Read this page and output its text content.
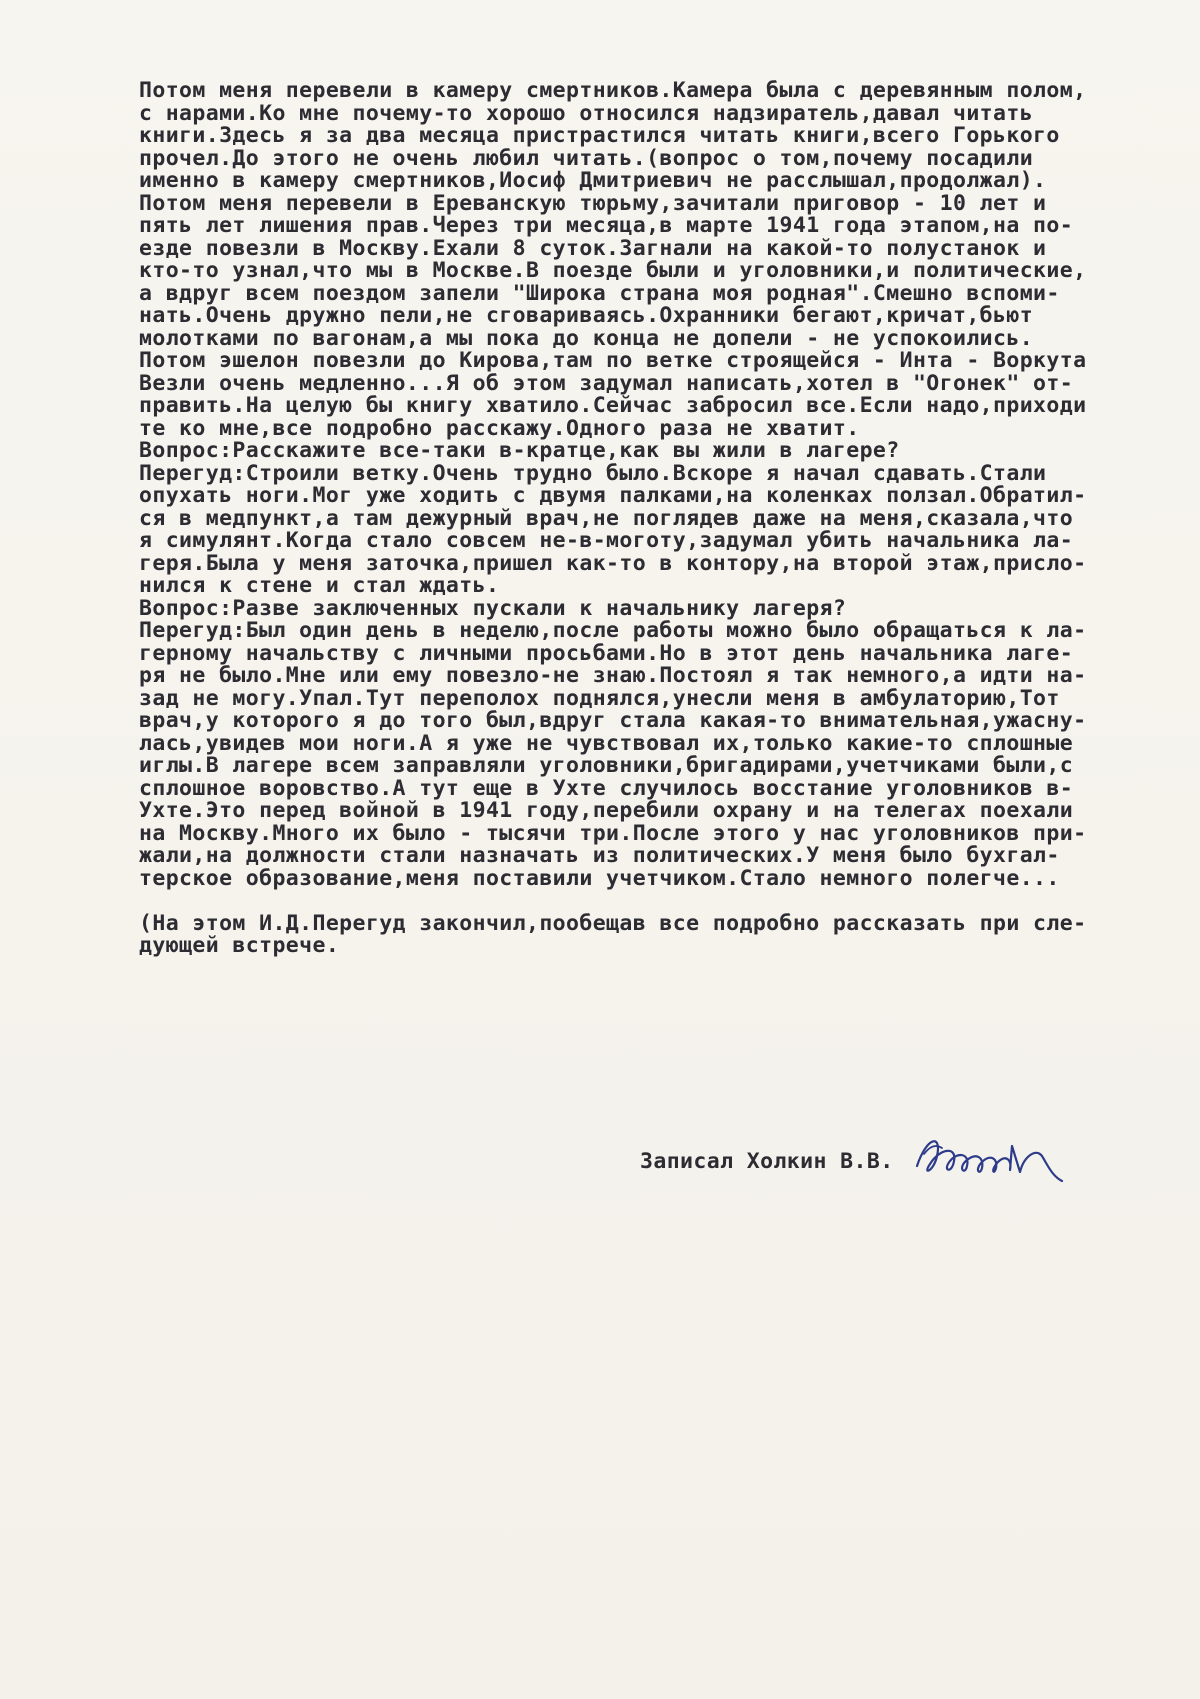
Потом меня перевели в камеру смертников.Камера была с деревянным полом,
с нарами.Ко мне почему-то хорошо относился надзиратель,давал читать
книги.Здесь я за два месяца пристрастился читать книги,всего Горького
прочел.До этого не очень любил читать.(вопрос о том,почему посадили
именно в камеру смертников,Иосиф Дмитриевич не расслышал,продолжал).
Потом меня перевели в Ереванскую тюрьму,зачитали приговор - 10 лет и
пять лет лишения прав.Через три месяца,в марте 1941 года этапом,на по-
езде повезли в Москву.Ехали 8 суток.Загнали на какой-то полустанок и
кто-то узнал,что мы в Москве.В поезде были и уголовники,и политические,
а вдруг всем поездом запели "Широка страна моя родная".Смешно вспоми-
нать.Очень дружно пели,не сговариваясь.Охранники бегают,кричат,бьют
молотками по вагонам,а мы пока до конца не допели - не успокоились.
Потом эшелон повезли до Кирова,там по ветке строящейся - Инта - Воркута
Везли очень медленно...Я об этом задумал написать,хотел в "Огонек" от-
править.На целую бы книгу хватило.Сейчас забросил все.Если надо,приходи
те ко мне,все подробно расскажу.Одного раза не хватит.
Вопрос:Расскажите все-таки в-кратце,как вы жили в лагере?
Перегуд:Строили ветку.Очень трудно было.Вскоре я начал сдавать.Стали
опухать ноги.Мог уже ходить с двумя палками,на коленках ползал.Обратил-
ся в медпункт,а там дежурный врач,не поглядев даже на меня,сказала,что
я симулянт.Когда стало совсем не-в-моготу,задумал убить начальника ла-
геря.Была у меня заточка,пришел как-то в контору,на второй этаж,присло-
нился к стене и стал ждать.
Вопрос:Разве заключенных пускали к начальнику лагеря?
Перегуд:Был один день в неделю,после работы можно было обращаться к ла-
герному начальству с личными просьбами.Но в этот день начальника лаге-
ря не было.Мне или ему повезло-не знаю.Постоял я так немного,а идти на-
зад не могу.Упал.Тут переполох поднялся,унесли меня в амбулаторию,Тот
врач,у которого я до того был,вдруг стала какая-то внимательная,ужасну-
лась,увидев мои ноги.А я уже не чувствовал их,только какие-то сплошные
иглы.В лагере всем заправляли уголовники,бригадирами,учетчиками были,с
сплошное воровство.А тут еще в Ухте случилось восстание уголовников в-
Ухте.Это перед войной в 1941 году,перебили охрану и на телегах поехали
на Москву.Много их было - тысячи три.После этого у нас уголовников при-
жали,на должности стали назначать из политических.У меня было бухгал-
терское образование,меня поставили учетчиком.Стало немного полегче...
(На этом И.Д.Перегуд закончил,пообещав все подробно рассказать при сле-
дующей встрече.
Записал Холкин В.В.
